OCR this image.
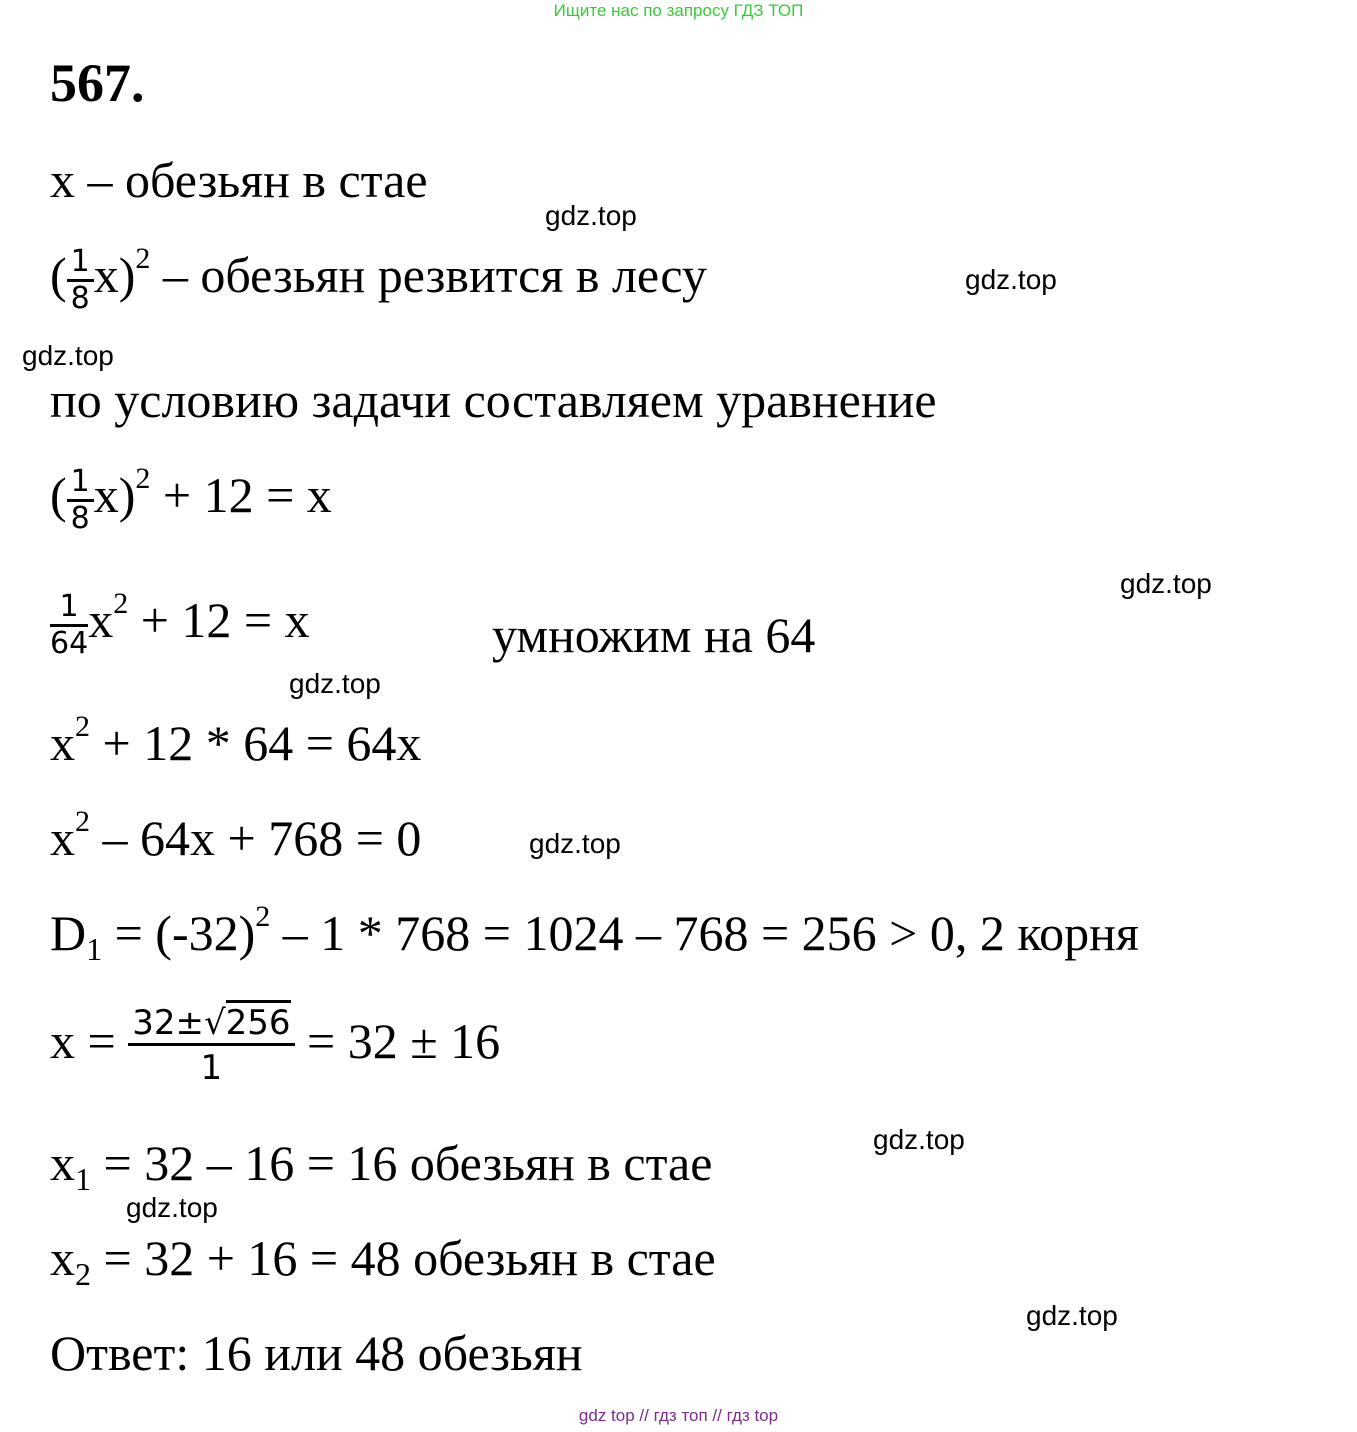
Ищите нас по запросу ГДЗ ТОП
567.
x – обезьян в стае
( $\frac{1}{8} x)^2$ – обезьян резвится в лесу
по условию задачи составляем уравнение
( $\frac{1}{8} x)^2 + 12 = x$
$\frac{1}{64} x^2 + 12 = x$	умножим на 64
$x^2 + 12 * 64 = 64x$
$x^2 - 64x + 768 = 0$
$D_1 = (-32)^2 - 1 * 768 = 1024 - 768 = 256 > 0$, 2 корня
$x = \frac{32\pm√256}{1} = 32 \pm 16$
$x_1 = 32 - 16 = 16$ обезьян в стае
$x_2 = 32 + 16 = 48$ обезьян в стае
Ответ: 16 или 48 обезьян
gdz.top
gdz.top
gdz.top
gdz.top
gdz.top
gdz.top
gdz.top
gdz.top
gdz.top
gdz top // гдз топ // гдз top
